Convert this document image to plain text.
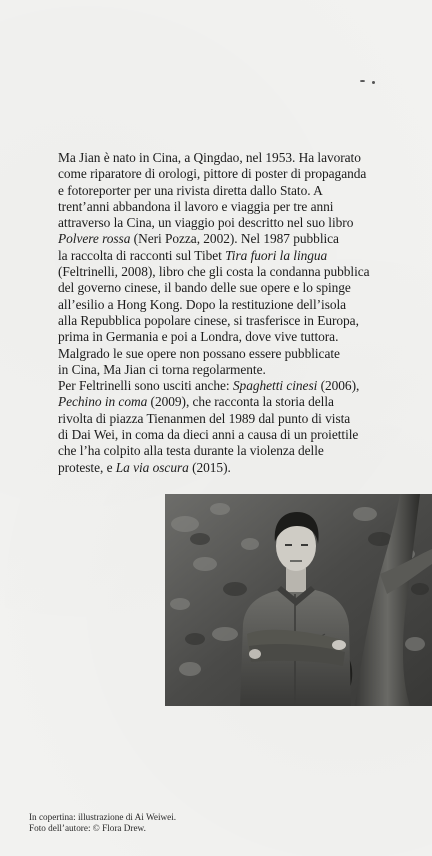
Ma Jian è nato in Cina, a Qingdao, nel 1953. Ha lavorato
come riparatore di orologi, pittore di poster di propaganda
e fotoreporter per una rivista diretta dallo Stato. A
trent’anni abbandona il lavoro e viaggia per tre anni
attraverso la Cina, un viaggio poi descritto nel suo libro
Polvere rossa (Neri Pozza, 2002). Nel 1987 pubblica
la raccolta di racconti sul Tibet Tira fuori la lingua
(Feltrinelli, 2008), libro che gli costa la condanna pubblica
del governo cinese, il bando delle sue opere e lo spinge
all’esilio a Hong Kong. Dopo la restituzione dell’isola
alla Repubblica popolare cinese, si trasferisce in Europa,
prima in Germania e poi a Londra, dove vive tuttora.
Malgrado le sue opere non possano essere pubblicate
in Cina, Ma Jian ci torna regolarmente.
Per Feltrinelli sono usciti anche: Spaghetti cinesi (2006),
Pechino in coma (2009), che racconta la storia della
rivolta di piazza Tienanmen del 1989 dal punto di vista
di Dai Wei, in coma da dieci anni a causa di un proiettile
che l’ha colpito alla testa durante la violenza delle
proteste, e La via oscura (2015).
In copertina: illustrazione di Ai Weiwei.
Foto dell’autore: © Flora Drew.
